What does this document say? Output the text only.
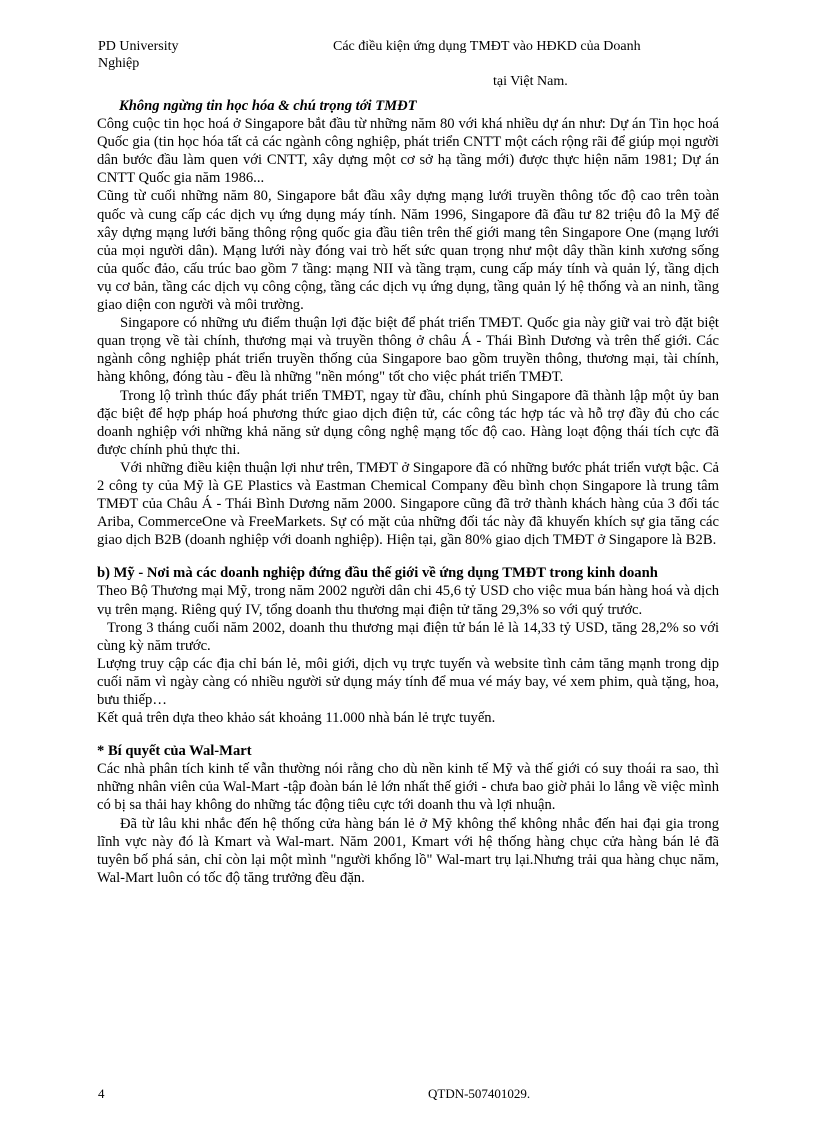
PD University
Nghiệp
Các điều kiện ứng dụng TMĐT vào HĐKD của Doanh
tại Việt Nam.

Không ngừng tin học hóa & chú trọng tới TMĐT

Công cuộc tin học hoá ở Singapore bắt đầu từ những năm 80 với khá nhiều dự án như: Dự án Tin học hoá Quốc gia (tin học hóa tất cả các ngành công nghiệp, phát triển CNTT một cách rộng rãi để giúp mọi người dân bước đầu làm quen với CNTT, xây dựng một cơ sở hạ tầng mới) được thực hiện năm 1981; Dự án CNTT Quốc gia năm 1986...

Cũng từ cuối những năm 80, Singapore bắt đầu xây dựng mạng lưới truyền thông tốc độ cao trên toàn quốc và cung cấp các dịch vụ ứng dụng máy tính. Năm 1996, Singapore đã đầu tư 82 triệu đô la Mỹ để xây dựng mạng lưới băng thông rộng quốc gia đầu tiên trên thế giới mang tên Singapore One (mạng lưới của mọi người dân). Mạng lưới này đóng vai trò hết sức quan trọng như một dây thần kinh xương sống của quốc đảo, cấu trúc bao gồm 7 tầng: mạng NII và tầng trạm, cung cấp máy tính và quản lý, tầng dịch vụ cơ bản, tầng các dịch vụ công cộng, tầng các dịch vụ ứng dụng, tầng quản lý hệ thống và an ninh, tầng giao diện con người và môi trường.

Singapore có những ưu điểm thuận lợi đặc biệt để phát triển TMĐT. Quốc gia này giữ vai trò đặt biệt quan trọng về tài chính, thương mại và truyền thông ở châu Á - Thái Bình Dương và trên thế giới. Các ngành công nghiệp phát triển truyền thống của Singapore bao gồm truyền thông, thương mại, tài chính, hàng không, đóng tàu - đều là những "nền móng" tốt cho việc phát triển TMĐT.

Trong lộ trình thúc đẩy phát triển TMĐT, ngay từ đầu, chính phủ Singapore đã thành lập một ủy ban đặc biệt để hợp pháp hoá phương thức giao dịch điện tử, các công tác hợp tác và hỗ trợ đầy đủ cho các doanh nghiệp với những khả năng sử dụng công nghệ mạng tốc độ cao. Hàng loạt động thái tích cực đã được chính phủ thực thi.

Với những điều kiện thuận lợi như trên, TMĐT ở Singapore đã có những bước phát triển vượt bậc. Cả 2 công ty của Mỹ là GE Plastics và Eastman Chemical Company đều bình chọn Singapore là trung tâm TMĐT của Châu Á - Thái Bình Dương năm 2000. Singapore cũng đã trở thành khách hàng của 3 đối tác Ariba, CommerceOne và FreeMarkets. Sự có mặt của những đối tác này đã khuyến khích sự gia tăng các giao dịch B2B (doanh nghiệp với doanh nghiệp). Hiện tại, gần 80% giao dịch TMĐT ở Singapore là B2B.

b) Mỹ - Nơi mà các doanh nghiệp đứng đầu thế giới về ứng dụng TMĐT trong kinh doanh

Theo Bộ Thương mại Mỹ, trong năm 2002 người dân chi 45,6 tỷ USD cho việc mua bán hàng hoá và dịch vụ trên mạng. Riêng quý IV, tổng doanh thu thương mại điện tử tăng 29,3% so với quý trước.

Trong 3 tháng cuối năm 2002, doanh thu thương mại điện tử bán lẻ là 14,33 tỷ USD, tăng 28,2% so với cùng kỳ năm trước.

Lượng truy cập các địa chỉ bán lẻ, môi giới, dịch vụ trực tuyến và website tình cảm tăng mạnh trong dịp cuối năm vì ngày càng có nhiều người sử dụng máy tính để mua vé máy bay, vé xem phim, quà tặng, hoa, bưu thiếp…

Kết quả trên dựa theo khảo sát khoảng 11.000 nhà bán lẻ trực tuyến.

* Bí quyết của Wal-Mart

Các nhà phân tích kinh tế vẫn thường nói rằng cho dù nền kinh tế Mỹ và thế giới có suy thoái ra sao, thì những nhân viên của Wal-Mart -tập đoàn bán lẻ lớn nhất thế giới - chưa bao giờ phải lo lắng về việc mình có bị sa thải hay không do những tác động tiêu cực tới doanh thu và lợi nhuận.

Đã từ lâu khi nhắc đến hệ thống cửa hàng bán lẻ ở Mỹ không thể không nhắc đến hai đại gia trong lĩnh vực này đó là Kmart và Wal-mart. Năm 2001, Kmart với hệ thống hàng chục cửa hàng bán lẻ đã tuyên bố phá sản, chỉ còn lại một mình "người khổng lồ" Wal-mart trụ lại.Nhưng trải qua hàng chục năm, Wal-Mart luôn có tốc độ tăng trưởng đều đặn.

4	QTDN-507401029.
